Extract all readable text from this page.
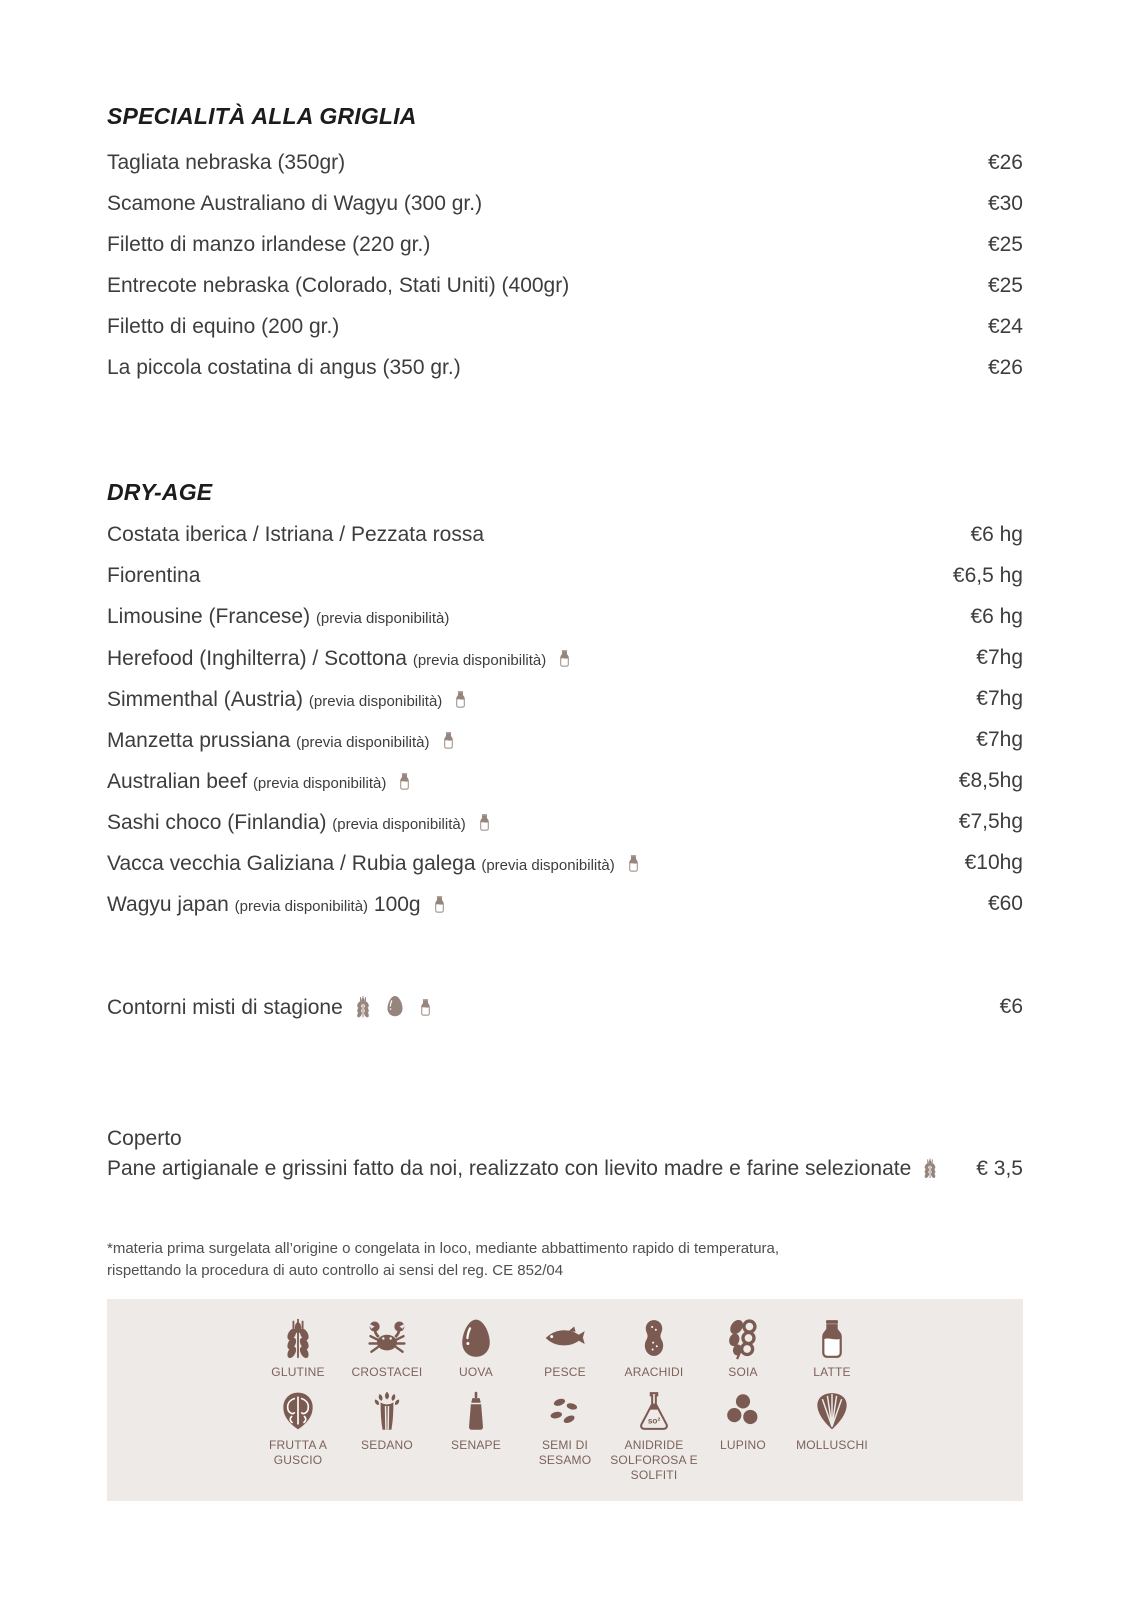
SPECIALITÀ ALLA GRIGLIA
Tagliata nebraska (350gr)	€26
Scamone Australiano di Wagyu (300 gr.)	€30
Filetto di manzo irlandese (220 gr.)	€25
Entrecote nebraska (Colorado, Stati Uniti) (400gr)	€25
Filetto di equino (200 gr.)	€24
La piccola costatina di angus (350 gr.)	€26
DRY-AGE
Costata iberica / Istriana / Pezzata rossa	€6 hg
Fiorentina	€6,5 hg
Limousine (Francese) (previa disponibilità)	€6 hg
Herefood (Inghilterra) / Scottona (previa disponibilità)	€7hg
Simmenthal (Austria) (previa disponibilità)	€7hg
Manzetta prussiana (previa disponibilità)	€7hg
Australian beef (previa disponibilità)	€8,5hg
Sashi choco (Finlandia) (previa disponibilità)	€7,5hg
Vacca vecchia Galiziana / Rubia galega (previa disponibilità)	€10hg
Wagyu japan (previa disponibilità) 100g	€60
Contorni misti di stagione	€6
Coperto
Pane artigianale e grissini fatto da noi, realizzato con lievito madre e farine selezionate	€ 3,5

*materia prima surgelata all’origine o congelata in loco, mediante abbattimento rapido di temperatura,
rispettando la procedura di auto controllo ai sensi del reg. CE 852/04

GLUTINE CROSTACEI	UOVA	PESCE	ARACHIDI	SOIA	LATTE
FRUTTA A GUSCIO
SEDANO	SENAPE	SEMI DI SESAMO
ANIDRIDE SOLFOROSA E SOLFITI
LUPINO	MOLLUSCHI
